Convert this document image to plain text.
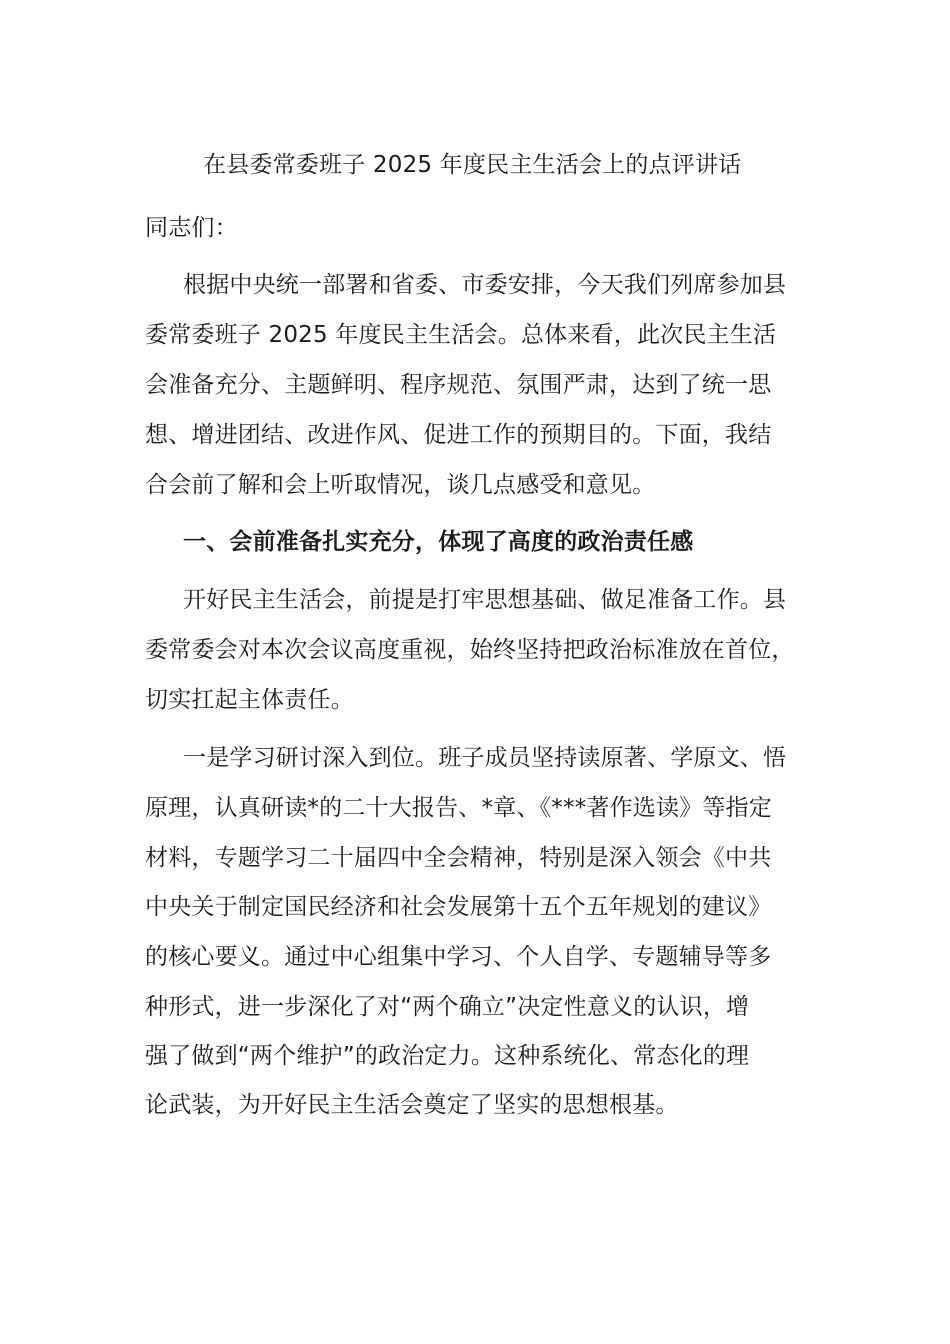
在县委常委班子 2025 年度民主生活会上的点评讲话
同志们：
根据中央统一部署和省委、市委安排，今天我们列席参加县
委常委班子 2025 年度民主生活会。总体来看，此次民主生活
会准备充分、主题鲜明、程序规范、氛围严肃，达到了统一思
想、增进团结、改进作风、促进工作的预期目的。下面，我结
合会前了解和会上听取情况，谈几点感受和意见。
一、会前准备扎实充分，体现了高度的政治责任感
开好民主生活会，前提是打牢思想基础、做足准备工作。县
委常委会对本次会议高度重视，始终坚持把政治标准放在首位，
切实扛起主体责任。
一是学习研讨深入到位。班子成员坚持读原著、学原文、悟
原理，认真研读*的二十大报告、*章、《***著作选读》等指定
材料，专题学习二十届四中全会精神，特别是深入领会《中共
中央关于制定国民经济和社会发展第十五个五年规划的建议》
的核心要义。通过中心组集中学习、个人自学、专题辅导等多
种形式，进一步深化了对“两个确立”决定性意义的认识，增
强了做到“两个维护”的政治定力。这种系统化、常态化的理
论武装，为开好民主生活会奠定了坚实的思想根基。
